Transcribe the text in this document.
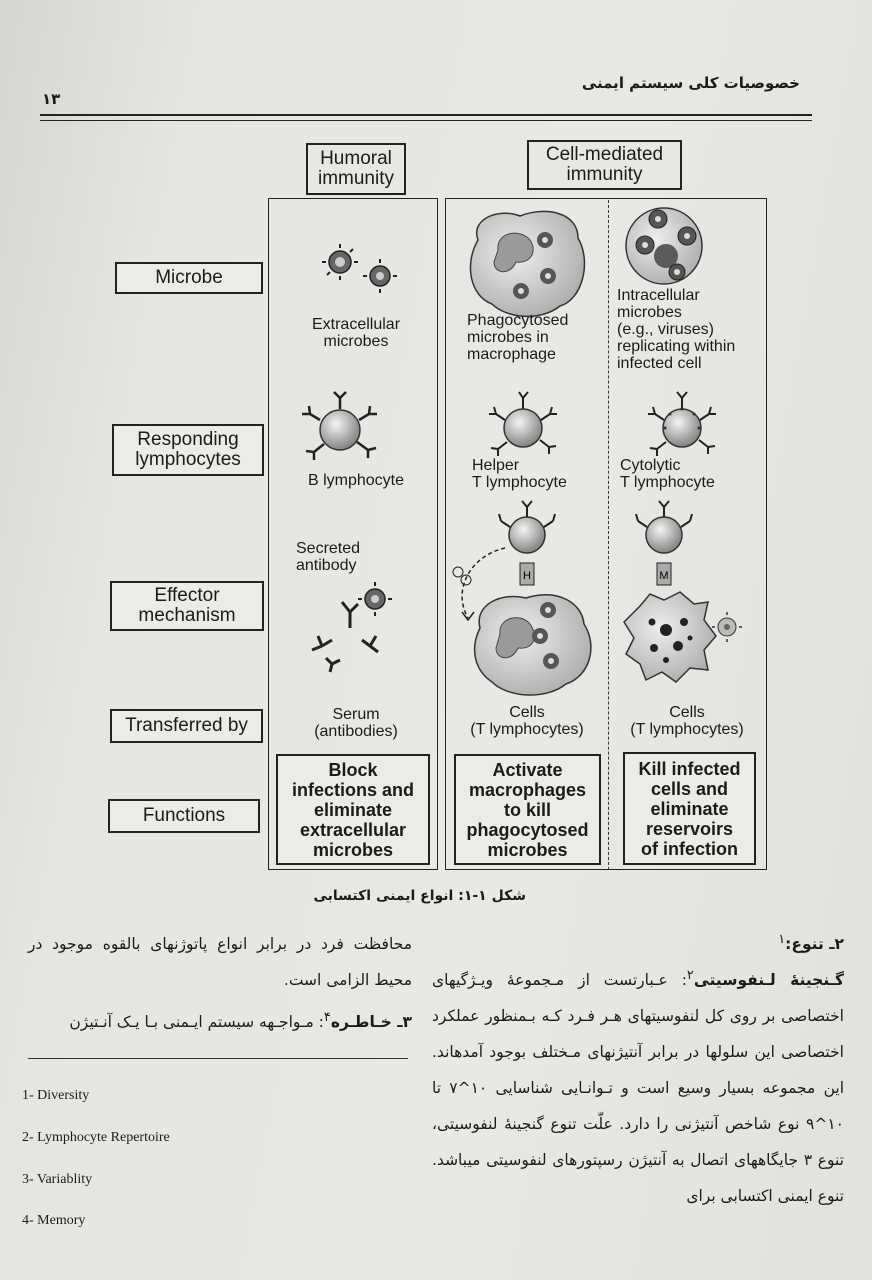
خصوصیات کلی سیستم ایمنی
۱۳
H	M
Humoral
immunity
Cell-mediated
immunity
Microbe
Responding
lymphocytes
Effector
mechanism
Transferred by
Functions
Extracellular
microbes
B lymphocyte
Secreted
antibody
Serum
(antibodies)
Block
infections and
eliminate
extracellular
microbes
Phagocytosed
microbes in
macrophage
Helper
T lymphocyte
Cells
(T lymphocytes)
Activate
macrophages
to kill
phagocytosed
microbes
Intracellular
microbes
(e.g., viruses)
replicating within
infected cell
Cytolytic
T lymphocyte
Cells
(T lymphocytes)
Kill infected
cells and
eliminate
reservoirs
of infection
شکل ۱-۱: انواع ایمنی اکتسابی
محافظت فرد در برابر انواع پاتوژنهای بالقوه موجود در محیط الزامی است.
۳ـ خـاطـره$^۴$: مـواجـهه سیستم ایـمنی بـا یـک آنـتیژن
۲ـ تنوع:$^۱$
گـنجینهٔ لـنفوسیتی$^۲$: عـبارتست از مـجموعهٔ ویـژگیهای اختصاصی بر روی کل لنفوسیتهای هـر فـرد کـه بـمنظور عملکرد اختصاصی این سلولها در برابر آنتیژنهای مـختلف بوجود آمدهاند. این مجموعه بسیار وسیع است و تـوانـایی شناسایی ۱۰^۷ تا ۱۰^۹ نوع شاخص آنتیژنی را دارد. علّت تنوع گنجینهٔ لنفوسیتی، تنوع ۳ جایگاههای اتصال به آنتیژن رسپتورهای لنفوسیتی میباشد. تنوع ایمنی اکتسابی برای
1- Diversity
2- Lymphocyte Repertoire
3- Variablity
4- Memory
